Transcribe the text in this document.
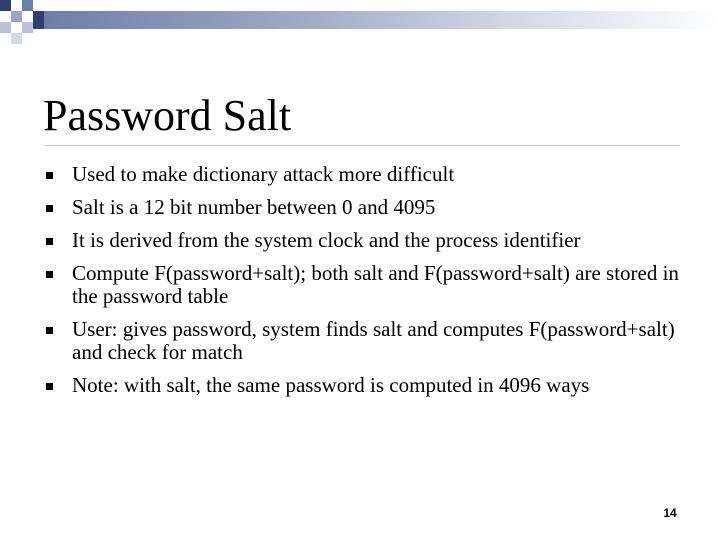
Password Salt
Used to make dictionary attack more difficult
Salt is a 12 bit number between 0 and 4095
It is derived from the system clock and the process identifier
Compute F(password+salt); both salt and F(password+salt) are stored in the password table
User: gives password, system finds salt and computes F(password+salt) and check for match
Note: with salt, the same password is computed in 4096 ways
14
